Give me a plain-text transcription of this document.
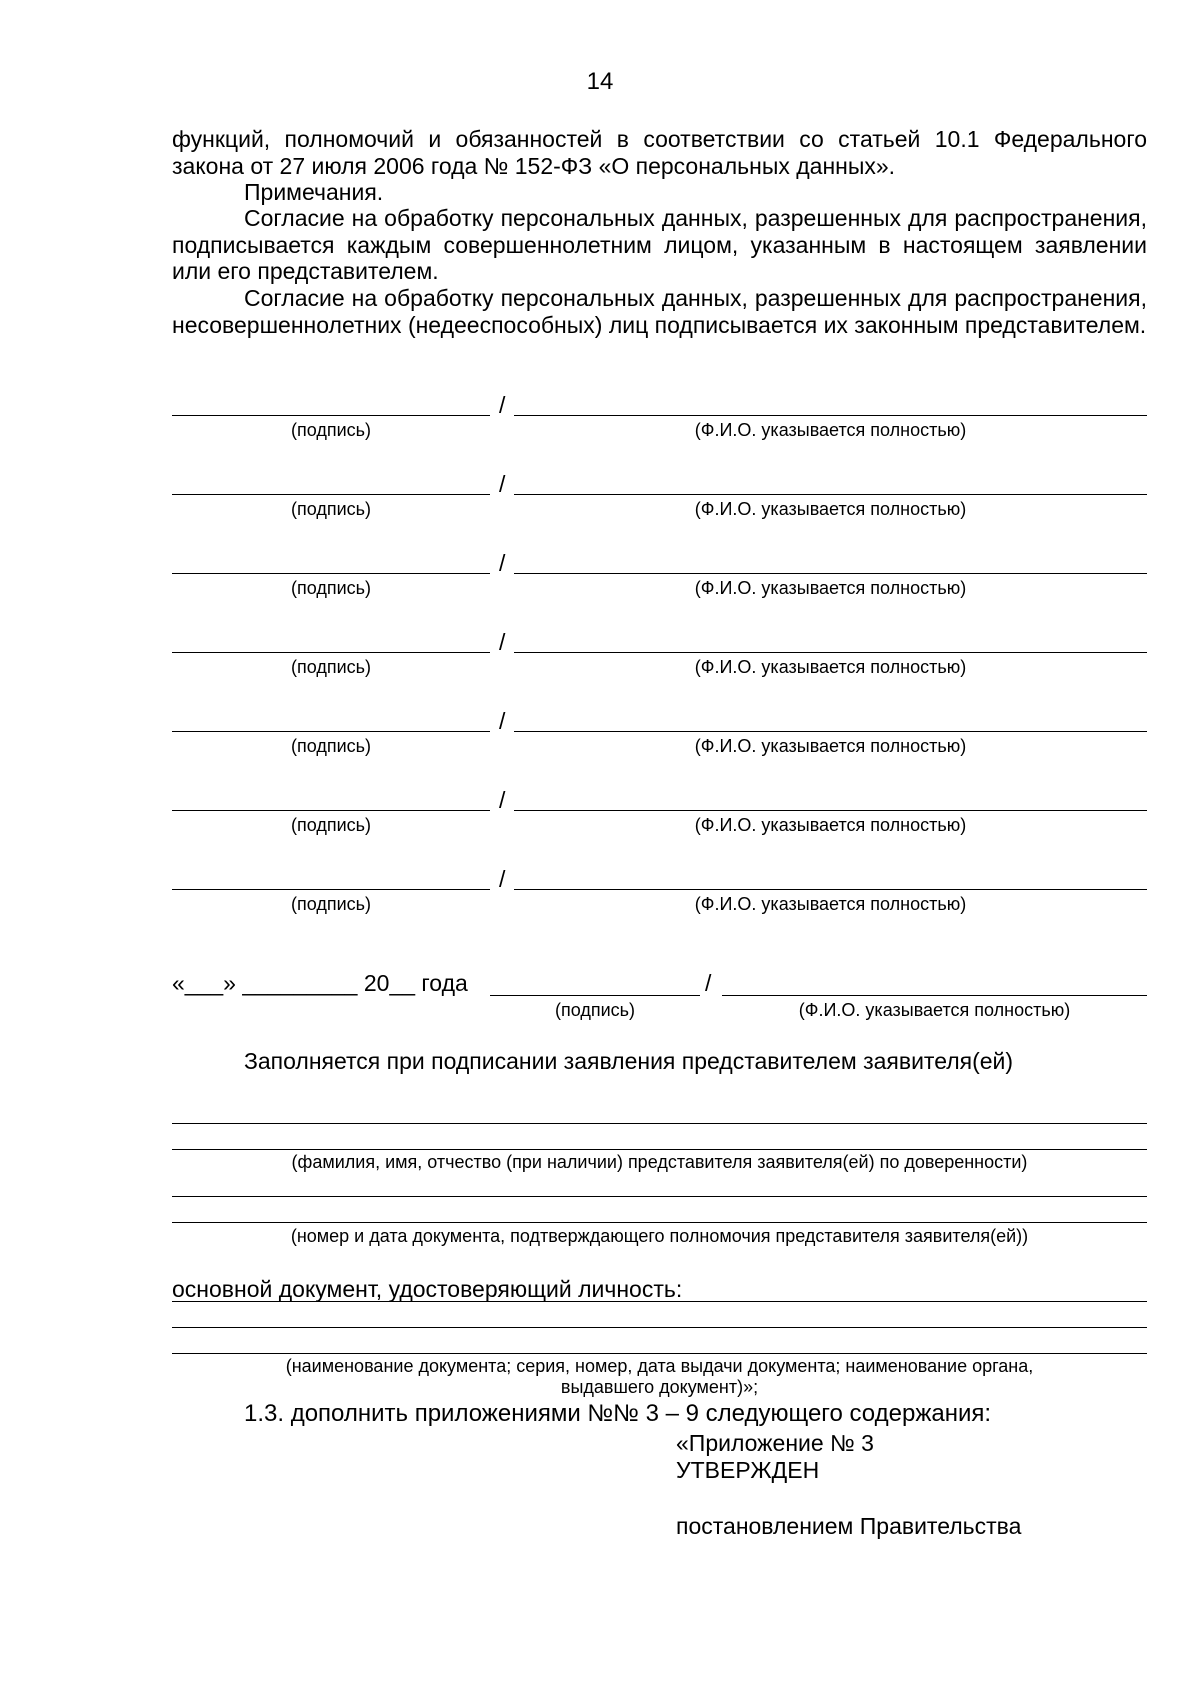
14
функций, полномочий и обязанностей в соответствии со статьей 10.1 Федерального закона от 27 июля 2006 года № 152-ФЗ «О персональных данных».
Примечания.
Согласие на обработку персональных данных, разрешенных для распространения, подписывается каждым совершеннолетним лицом, указанным в настоящем заявлении или его представителем.
Согласие на обработку персональных данных, разрешенных для распространения, несовершеннолетних (недееспособных) лиц подписывается их законным представителем.
/
(подпись)	(Ф.И.О. указывается полностью)
/
(подпись)	(Ф.И.О. указывается полностью)
/
(подпись)	(Ф.И.О. указывается полностью)
/
(подпись)	(Ф.И.О. указывается полностью)
/
(подпись)	(Ф.И.О. указывается полностью)
/
(подпись)	(Ф.И.О. указывается полностью)
/
(подпись)	(Ф.И.О. указывается полностью)
«___» _________ 20__ года	/
(подпись)	(Ф.И.О. указывается полностью)
Заполняется при подписании заявления представителем заявителя(ей)
(фамилия, имя, отчество (при наличии) представителя заявителя(ей) по доверенности)
(номер и дата документа, подтверждающего полномочия представителя заявителя(ей))
основной документ, удостоверяющий личность:
(наименование документа; серия, номер, дата выдачи документа; наименование органа,
выдавшего документ)»;
1.3. дополнить приложениями №№ 3 – 9 следующего содержания:
«Приложение № 3
УТВЕРЖДЕН
постановлением Правительства
